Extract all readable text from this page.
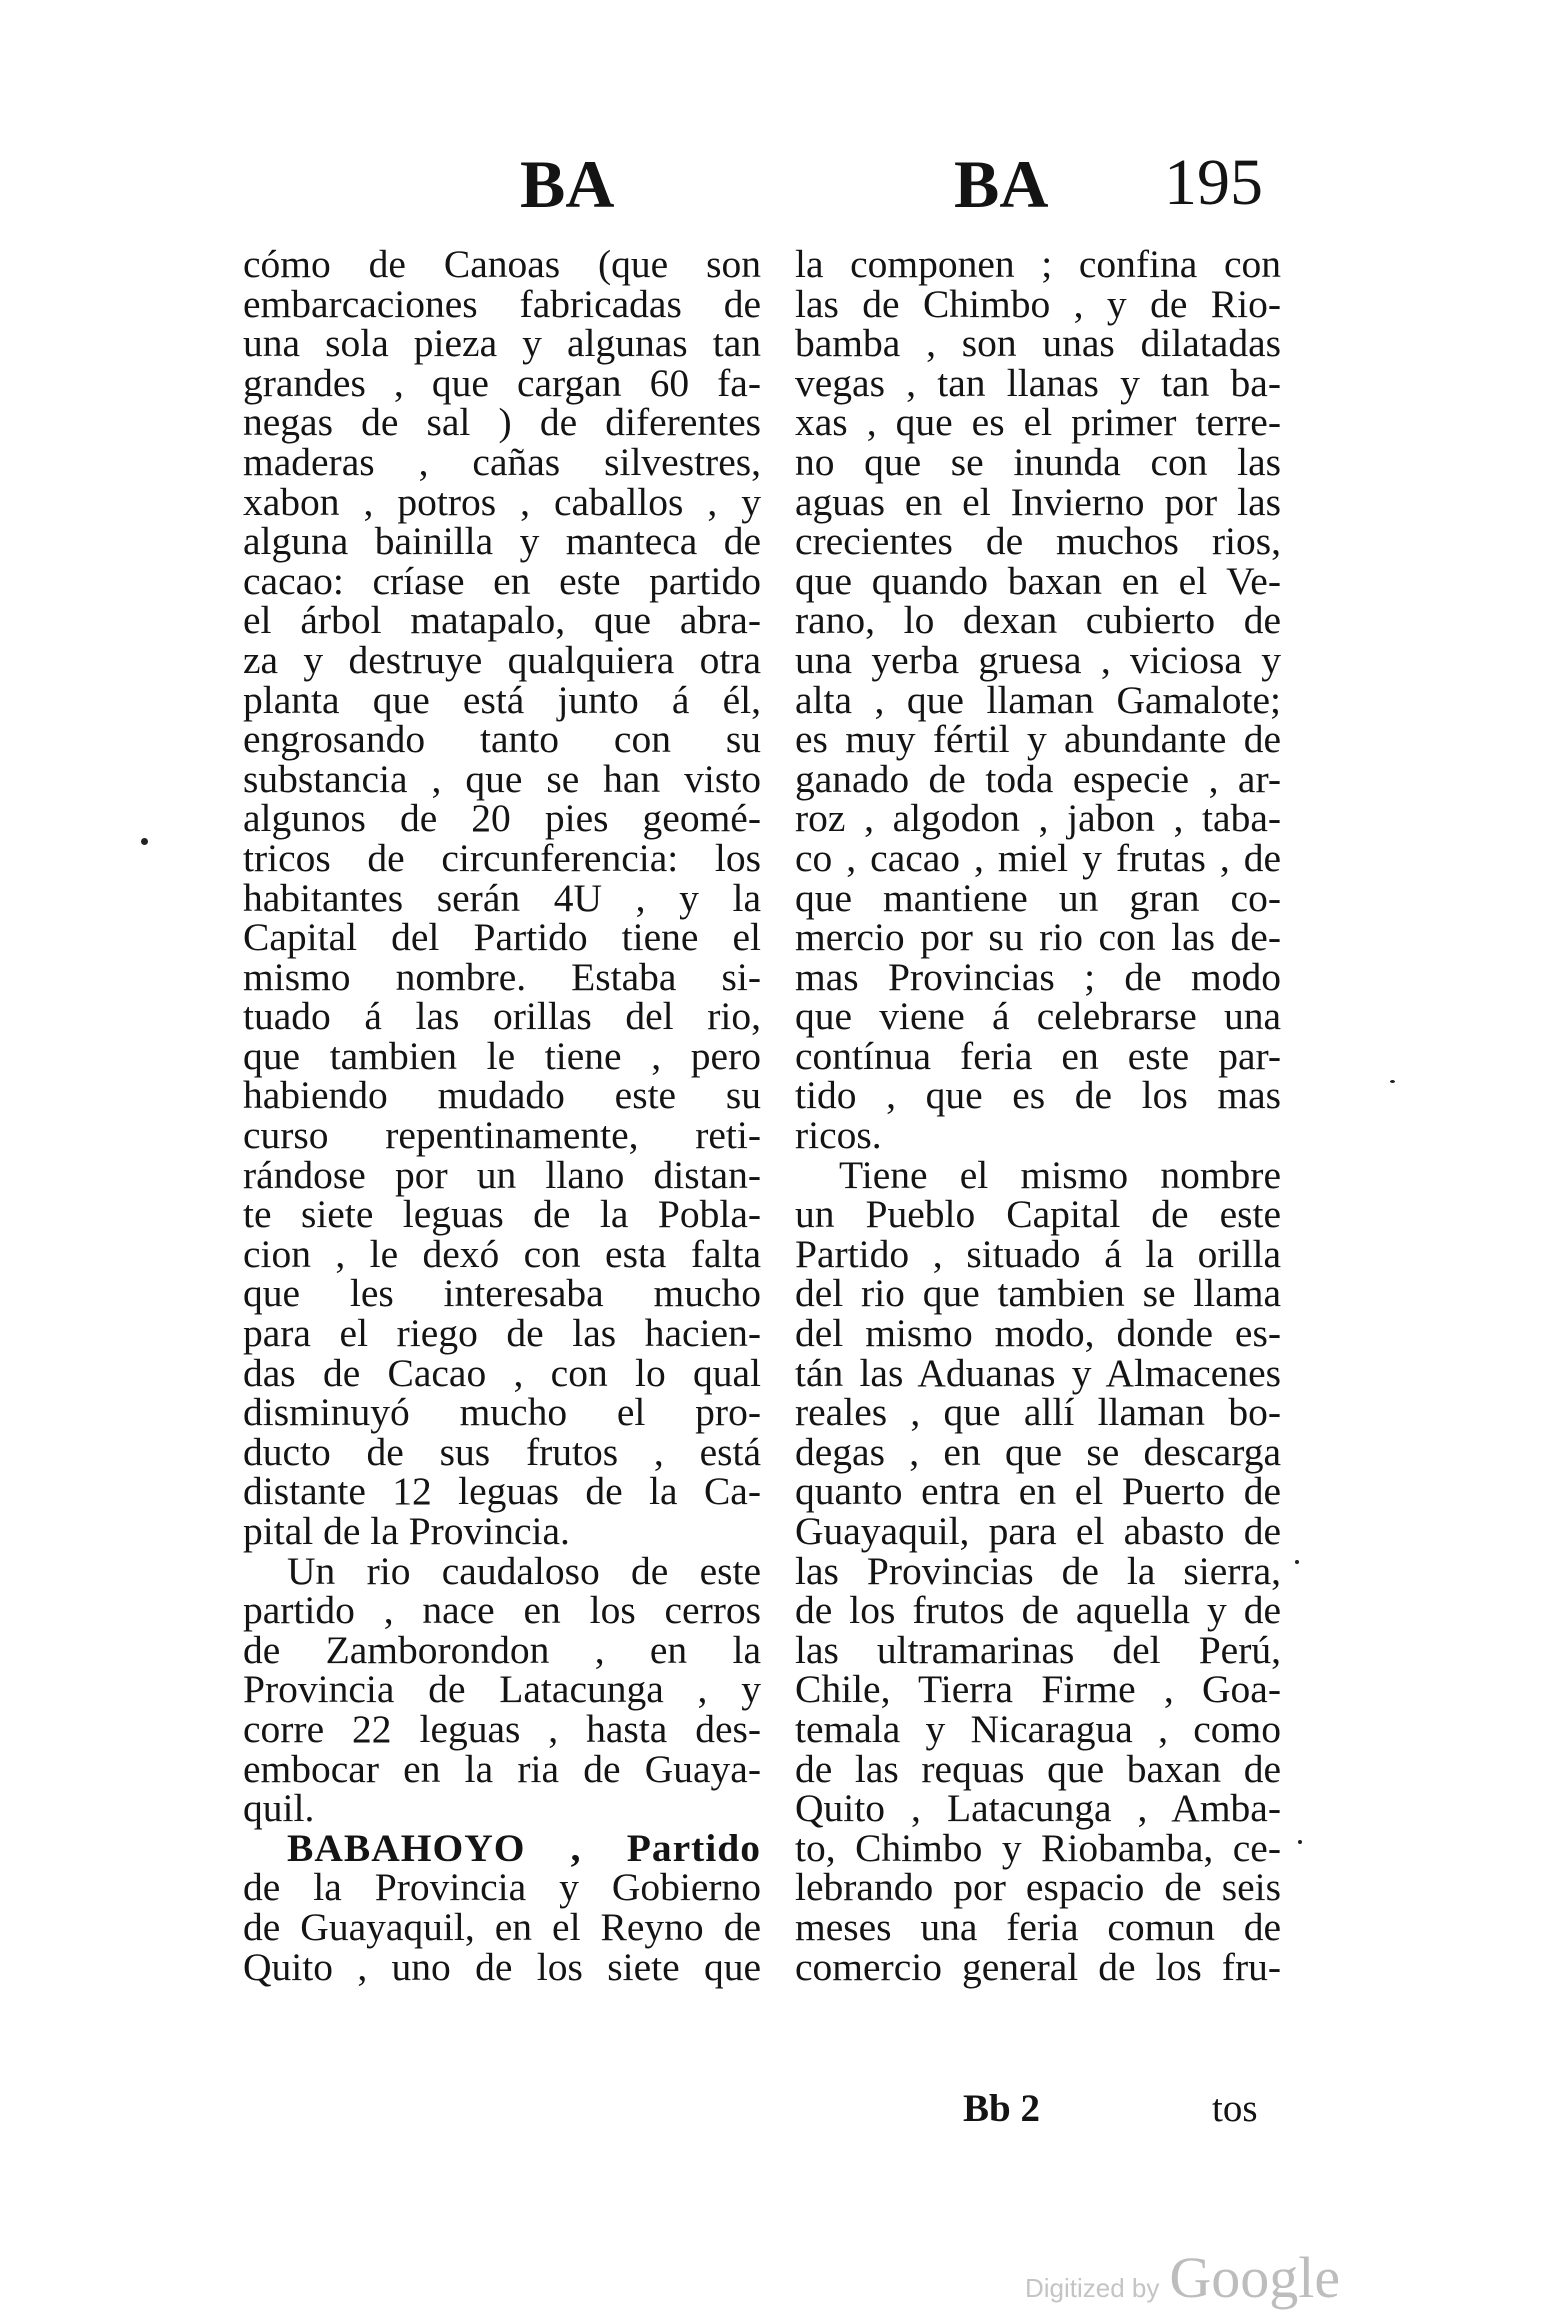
BA	BA 195
cómo de Canoas (que son
embarcaciones fabricadas de
una sola pieza y algunas tan
grandes , que cargan 60 fa-
negas de sal ) de diferentes
maderas , cañas silvestres,
xabon , potros , caballos , y
alguna bainilla y manteca de
cacao: críase en este partido
el árbol matapalo, que abra-
za y destruye qualquiera otra
planta que está junto á él,
engrosando tanto con su
substancia , que se han visto
algunos de 20 pies geomé-
tricos de circunferencia: los
habitantes serán 4U , y la
Capital del Partido tiene el
mismo nombre. Estaba si-
tuado á las orillas del rio,
que tambien le tiene , pero
habiendo mudado este su
curso repentinamente, reti-
rándose por un llano distan-
te siete leguas de la Pobla-
cion , le dexó con esta falta
que les interesaba mucho
para el riego de las hacien-
das de Cacao , con lo qual
disminuyó mucho el pro-
ducto de sus frutos , está
distante 12 leguas de la Ca-
pital de la Provincia.
Un rio caudaloso de este
partido , nace en los cerros
de Zamborondon , en la
Provincia de Latacunga , y
corre 22 leguas , hasta des-
embocar en la ria de Guaya-
quil.
BABAHOYO , Partido
de la Provincia y Gobierno
de Guayaquil, en el Reyno de
Quito , uno de los siete que
la componen ; confina con
las de Chimbo , y de Rio-
bamba , son unas dilatadas
vegas , tan llanas y tan ba-
xas , que es el primer terre-
no que se inunda con las
aguas en el Invierno por las
crecientes de muchos rios,
que quando baxan en el Ve-
rano, lo dexan cubierto de
una yerba gruesa , viciosa y
alta , que llaman Gamalote;
es muy fértil y abundante de
ganado de toda especie , ar-
roz , algodon , jabon , taba-
co , cacao , miel y frutas , de
que mantiene un gran co-
mercio por su rio con las de-
mas Provincias ; de modo
que viene á celebrarse una
contínua feria en este par-
tido , que es de los mas
ricos.
Tiene el mismo nombre
un Pueblo Capital de este
Partido , situado á la orilla
del rio que tambien se llama
del mismo modo, donde es-
tán las Aduanas y Almacenes
reales , que allí llaman bo-
degas , en que se descarga
quanto entra en el Puerto de
Guayaquil, para el abasto de
las Provincias de la sierra,
de los frutos de aquella y de
las ultramarinas del Perú,
Chile, Tierra Firme , Goa-
temala y Nicaragua , como
de las requas que baxan de
Quito , Latacunga , Amba-
to, Chimbo y Riobamba, ce-
lebrando por espacio de seis
meses una feria comun de
comercio general de los fru-
Bb 2	tos
Digitized by Google
